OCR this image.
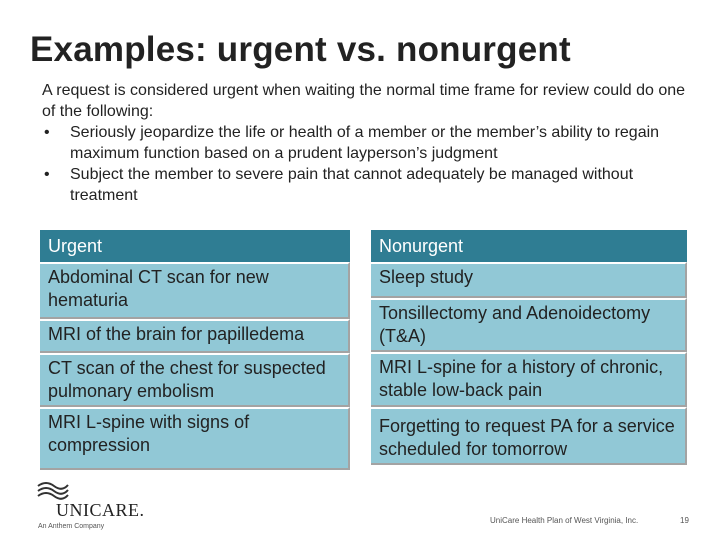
Examples: urgent vs. nonurgent
A request is considered urgent when waiting the normal time frame for review could do one of the following:
• Seriously jeopardize the life or health of a member or the member’s ability to regain maximum function based on a prudent layperson’s judgment
• Subject the member to severe pain that cannot adequately be managed without treatment
Urgent
Abdominal CT scan for new hematuria
MRI of the brain for papilledema
CT scan of the chest for suspected pulmonary embolism
MRI L-spine with signs of compression
Nonurgent
Sleep study
Tonsillectomy and Adenoidectomy (T&A)
MRI L-spine for a history of chronic, stable low-back pain
Forgetting to request PA for a service scheduled for tomorrow
UNICARE.
An Anthem Company
UniCare Health Plan of West Virginia, Inc.	19
